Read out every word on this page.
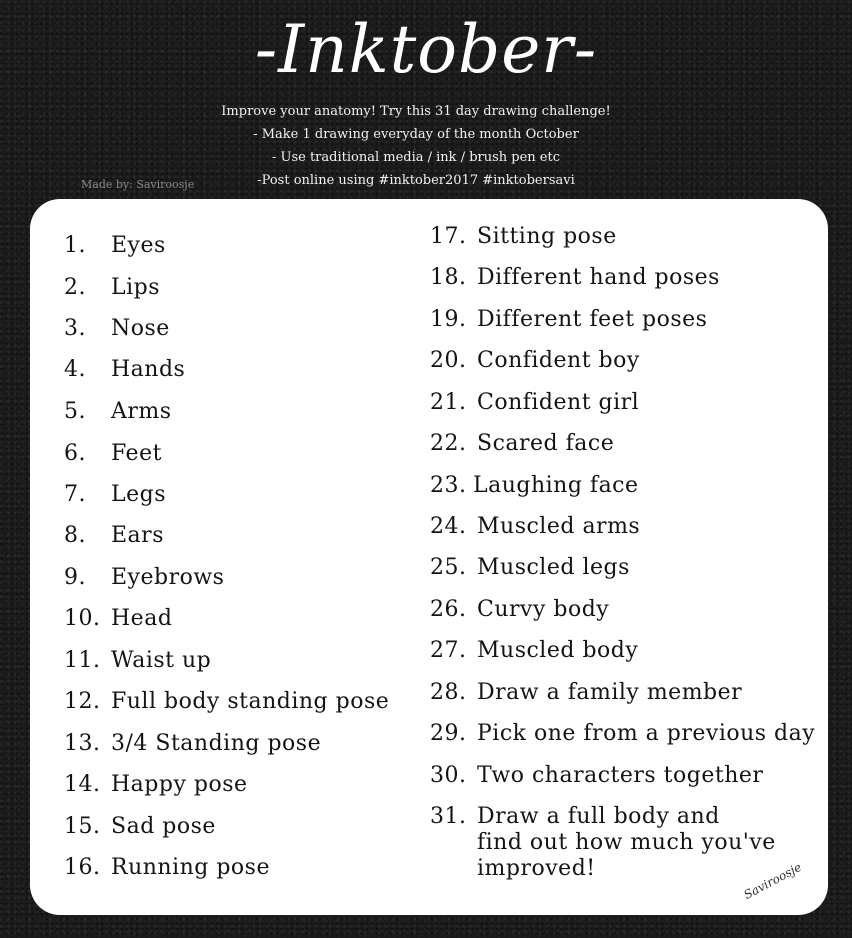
-Inktober-
Improve your anatomy! Try this 31 day drawing challenge!
- Make 1 drawing everyday of the month October
- Use traditional media / ink / brush pen etc
-Post online using #inktober2017 #inktobersavi
Made by: Saviroosje
1. Eyes
2. Lips
3. Nose
4. Hands
5. Arms
6. Feet
7. Legs
8. Ears
9. Eyebrows
10. Head
11. Waist up
12. Full body standing pose
13. 3/4 Standing pose
14. Happy pose
15. Sad pose
16. Running pose
17. Sitting pose
18. Different hand poses
19. Different feet poses
20. Confident boy
21. Confident girl
22. Scared face
23. Laughing face
24. Muscled arms
25. Muscled legs
26. Curvy body
27. Muscled body
28. Draw a family member
29. Pick one from a previous day
30. Two characters together
31. Draw a full body and
find out how much you've
improved!	Saviroosje
